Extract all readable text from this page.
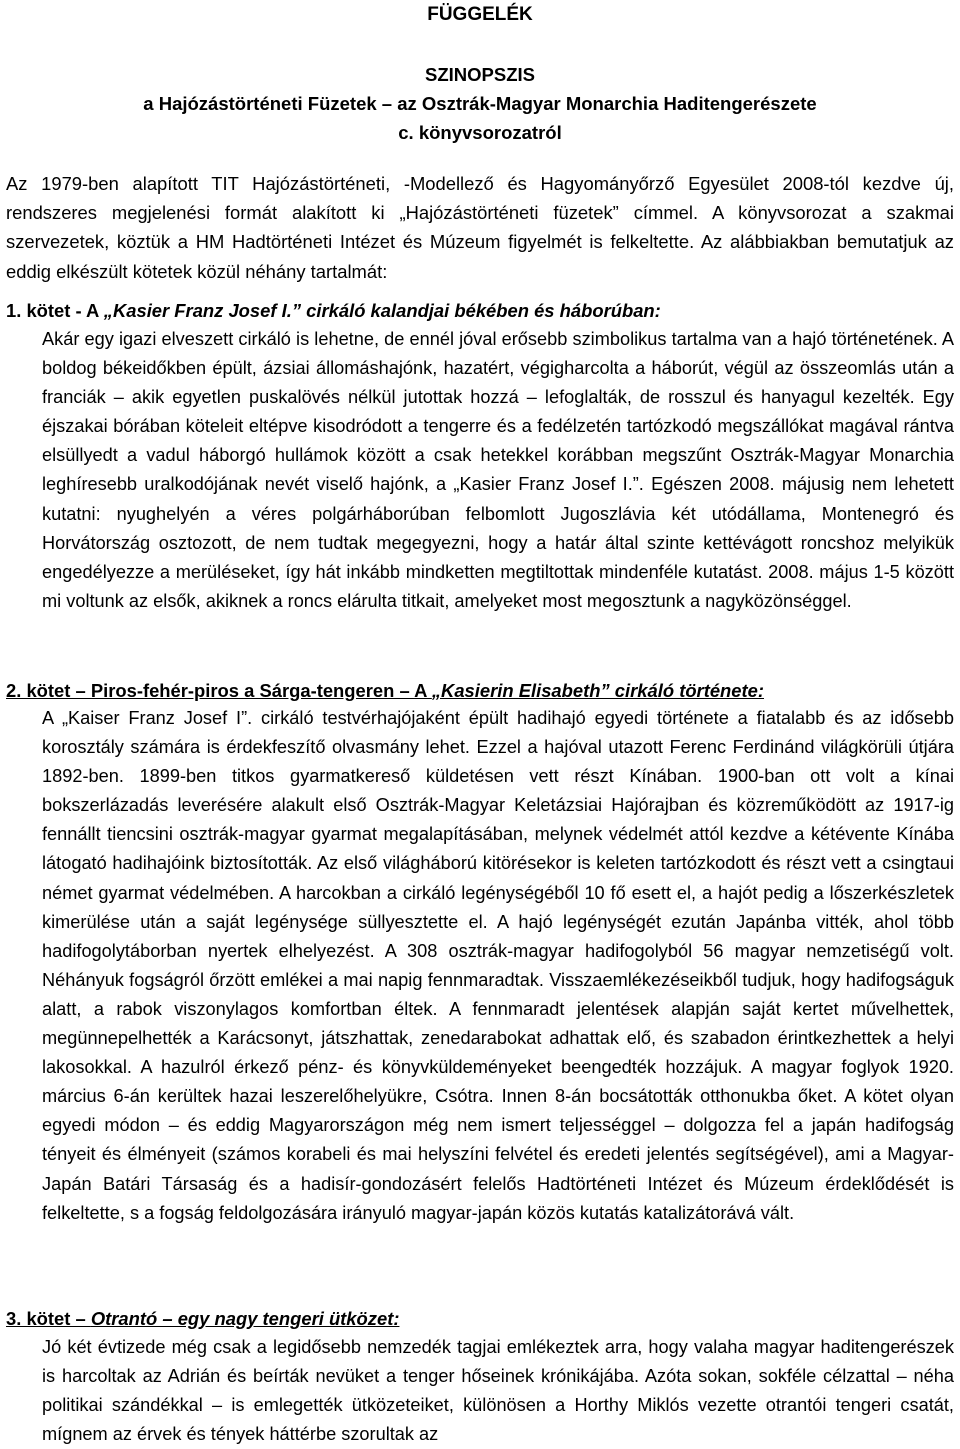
FÜGGELÉK
SZINOPSZIS
a Hajózástörténeti Füzetek – az Osztrák-Magyar Monarchia Haditengerészete
c. könyvsorozatról

Az 1979-ben alapított TIT Hajózástörténeti, -Modellező és Hagyományőrző Egyesület 2008-tól kezdve új, rendszeres megjelenési formát alakított ki „Hajózástörténeti füzetek” címmel. A könyvsorozat a szakmai szervezetek, köztük a HM Hadtörténeti Intézet és Múzeum figyelmét is felkeltette. Az alábbiakban bemutatjuk az eddig elkészült kötetek közül néhány tartalmát:

1. kötet - A „Kasier Franz Josef I.” cirkáló kalandjai békében és háborúban:

Akár egy igazi elveszett cirkáló is lehetne, de ennél jóval erősebb szimbolikus tartalma van a hajó történetének. A boldog békeidőkben épült, ázsiai állomáshajónk, hazatért, végigharcolta a háborút, végül az összeomlás után a franciák – akik egyetlen puskalövés nélkül jutottak hozzá – lefoglalták, de rosszul és hanyagul kezelték. Egy éjszakai bórában köteleit eltépve kisodródott a tengerre és a fedélzetén tartózkodó megszállókat magával rántva elsüllyedt a vadul háborgó hullámok között a csak hetekkel korábban megszűnt Osztrák-Magyar Monarchia leghíresebb uralkodójának nevét viselő hajónk, a „Kasier Franz Josef I.”. Egészen 2008. májusig nem lehetett kutatni: nyughelyén a véres polgárháborúban felbomlott Jugoszlávia két utódállama, Montenegró és Horvátország osztozott, de nem tudtak megegyezni, hogy a határ által szinte kettévágott roncshoz melyikük engedélyezze a merüléseket, így hát inkább mindketten megtiltottak mindenféle kutatást. 2008. május 1-5 között mi voltunk az elsők, akiknek a roncs elárulta titkait, amelyeket most megosztunk a nagyközönséggel.

2. kötet – Piros-fehér-piros a Sárga-tengeren – A „Kasierin Elisabeth” cirkáló története:

A „Kaiser Franz Josef I”. cirkáló testvérhajójaként épült hadihajó egyedi története a fiatalabb és az idősebb korosztály számára is érdekfeszítő olvasmány lehet. Ezzel a hajóval utazott Ferenc Ferdinánd világkörüli útjára 1892-ben. 1899-ben titkos gyarmatkereső küldetésen vett részt Kínában. 1900-ban ott volt a kínai bokszerlázadás leverésére alakult első Osztrák-Magyar Keletázsiai Hajórajban és közreműködött az 1917-ig fennállt tiencsini osztrák-magyar gyarmat megalapításában, melynek védelmét attól kezdve a kétévente Kínába látogató hadihajóink biztosították. Az első világháború kitörésekor is keleten tartózkodott és részt vett a csingtaui német gyarmat védelmében. A harcokban a cirkáló legénységéből 10 fő esett el, a hajót pedig a lőszerkészletek kimerülése után a saját legénysége süllyesztette el. A hajó legénységét ezután Japánba vitték, ahol több hadifogolytáborban nyertek elhelyezést. A 308 osztrák-magyar hadifogolyból 56 magyar nemzetiségű volt. Néhányuk fogságról őrzött emlékei a mai napig fennmaradtak. Visszaemlékezéseikből tudjuk, hogy hadifogságuk alatt, a rabok viszonylagos komfortban éltek. A fennmaradt jelentések alapján saját kertet művelhettek, megünnepelhették a Karácsonyt, játszhattak, zenedarabokat adhattak elő, és szabadon érintkezhettek a helyi lakosokkal. A hazulról érkező pénz- és könyvküldeményeket beengedték hozzájuk. A magyar foglyok 1920. március 6-án kerültek hazai leszerelőhelyükre, Csótra. Innen 8-án bocsátották otthonukba őket. A kötet olyan egyedi módon – és eddig Magyarországon még nem ismert teljességgel – dolgozza fel a japán hadifogság tényeit és élményeit (számos korabeli és mai helyszíni felvétel és eredeti jelentés segítségével), ami a Magyar-Japán Batári Társaság és a hadisír-gondozásért felelős Hadtörténeti Intézet és Múzeum érdeklődését is felkeltette, s a fogság feldolgozására irányuló magyar-japán közös kutatás katalizátorává vált.

3. kötet – Otrantó – egy nagy tengeri ütközet:

Jó két évtizede még csak a legidősebb nemzedék tagjai emlékeztek arra, hogy valaha magyar haditengerészek is harcoltak az Adrián és beírták nevüket a tenger hőseinek krónikájába. Azóta sokan, sokféle célzattal – néha politikai szándékkal – is emlegették ütközeteiket, különösen a Horthy Miklós vezette otrantói tengeri csatát, mígnem az érvek és tények háttérbe szorultak az
